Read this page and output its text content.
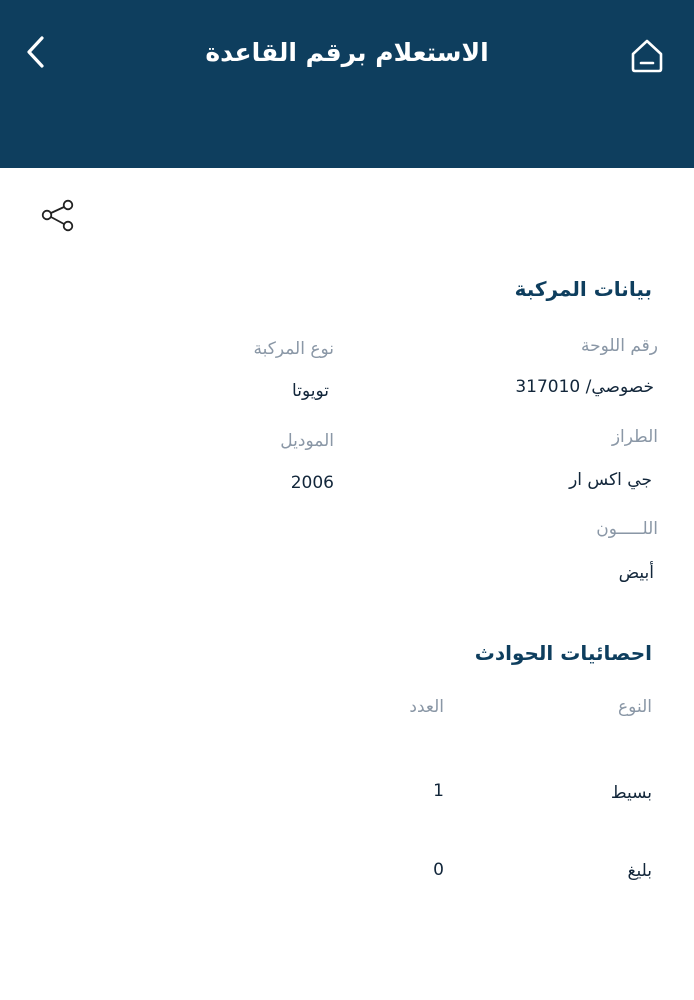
الاستعلام برقم القاعدة
بيانات المركبة
رقم اللوحة
نوع المركبة
خصوصي/ 317010
تويوتا
الطراز
الموديل
جي اكس ار
2006
اللـــــون
أبيض
احصائيات الحوادث
النوع
العدد
بسيط
1
بليغ
0
